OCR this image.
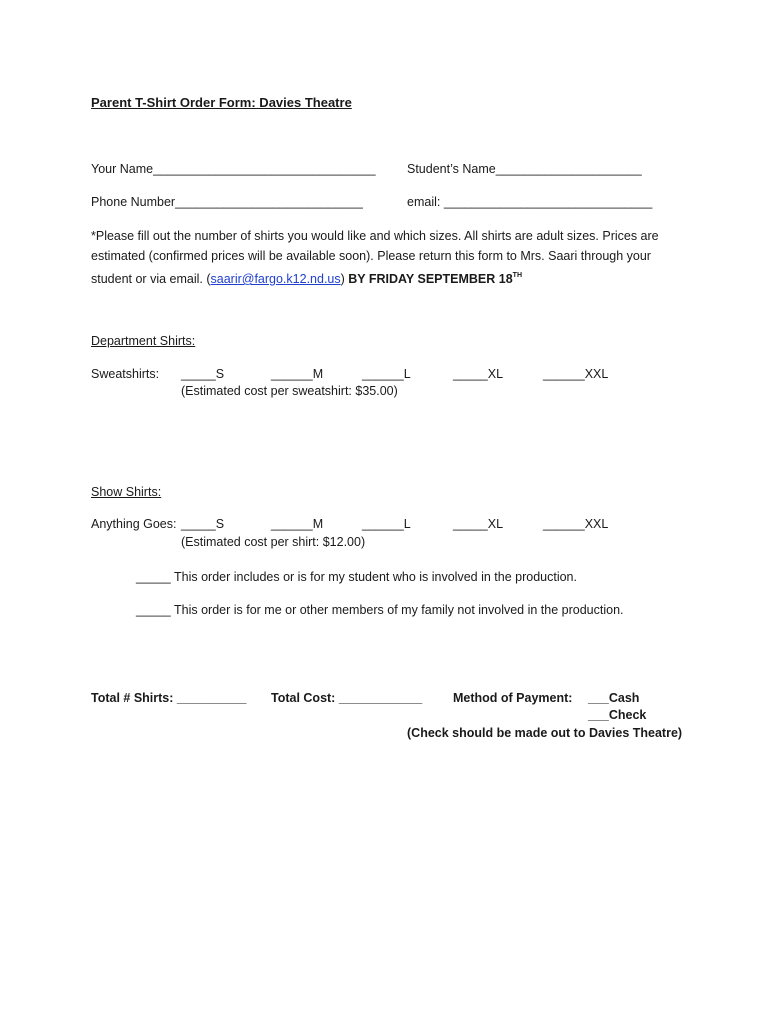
Parent T-Shirt Order Form: Davies Theatre
Your Name________________________________	Student’s Name_____________________
Phone Number___________________________	email: ______________________________
*Please fill out the number of shirts you would like and which sizes. All shirts are adult sizes. Prices are estimated (confirmed prices will be available soon). Please return this form to Mrs. Saari through your student or via email. (saarir@fargo.k12.nd.us) BY FRIDAY SEPTEMBER 18TH
Department Shirts:
Sweatshirts: _____S	______M	______L	_____XL	______XXL
(Estimated cost per sweatshirt: $35.00)
Show Shirts:
Anything Goes: _____S	______M	______L	_____XL	______XXL
(Estimated cost per shirt: $12.00)
_____ This order includes or is for my student who is involved in the production.
_____ This order is for me or other members of my family not involved in the production.
Total # Shirts: __________ Total Cost: ____________ Method of Payment: ___Cash
___Check
(Check should be made out to Davies Theatre)
